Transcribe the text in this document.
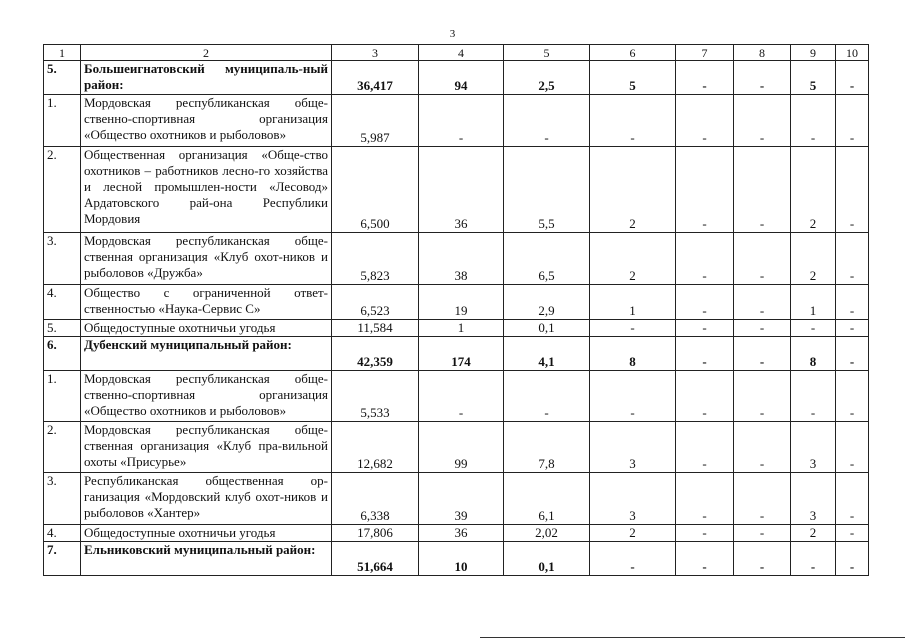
3
1	2	3	4	5	6	7	8	9	10
5.	Большеигнатовский муниципаль-ный район:	36,417	94	2,5	5	-	-	5	-
1.	Мордовская республиканская обще-ственно-спортивная организация «Общество охотников и рыболовов»	5,987	-	-	-	-	-	-	-
2.	Общественная организация «Обще-ство охотников – работников лесно-го хозяйства и лесной промышлен-ности «Лесовод» Ардатовского рай-она Республики Мордовия	6,500	36	5,5	2	-	-	2	-
3.	Мордовская республиканская обще-ственная организация «Клуб охот-ников и рыболовов «Дружба»	5,823	38	6,5	2	-	-	2	-
4.	Общество с ограниченной ответ-ственностью «Наука-Сервис С»	6,523	19	2,9	1	-	-	1	-
5.	Общедоступные охотничьи угодья	11,584	1	0,1	-	-	-	-	-
6.	Дубенский муниципальный район:	42,359	174	4,1	8	-	-	8	-
1.	Мордовская республиканская обще-ственно-спортивная организация «Общество охотников и рыболовов»	5,533	-	-	-	-	-	-	-
2.	Мордовская республиканская обще-ственная организация «Клуб пра-вильной охоты «Присурье»	12,682	99	7,8	3	-	-	3	-
3.	Республиканская общественная ор-ганизация «Мордовский клуб охот-ников и рыболовов «Хантер»	6,338	39	6,1	3	-	-	3	-
4.	Общедоступные охотничьи угодья	17,806	36	2,02	2	-	-	2	-
7.	Ельниковский муниципальный район:	51,664	10	0,1	-	-	-	-	-
